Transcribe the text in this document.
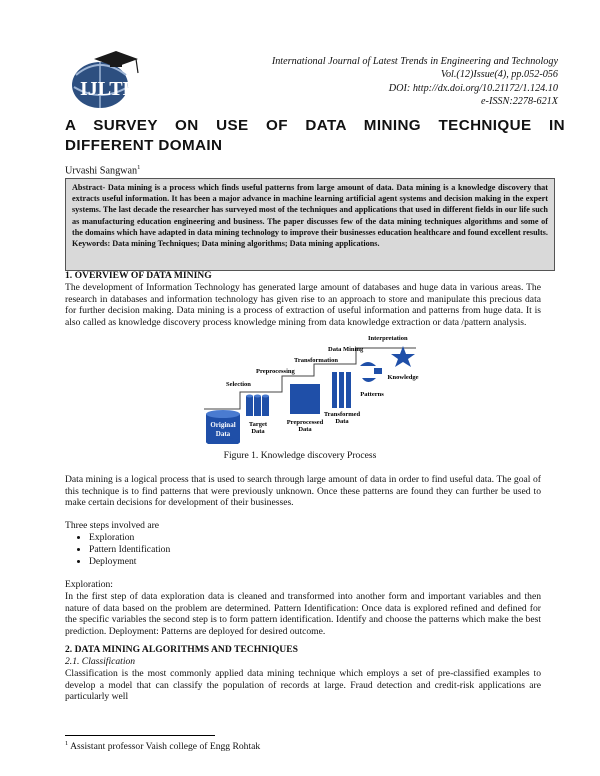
IJLTET
International Journal of Latest Trends in Engineering and Technology
Vol.(12)Issue(4), pp.052-056
DOI: http://dx.doi.org/10.21172/1.124.10
e-ISSN:2278-621X
A SURVEY ON USE OF DATA MINING TECHNIQUE IN
DIFFERENT DOMAIN
Urvashi Sangwan$^1$

Abstract- Data mining is a process which finds useful patterns from large amount of data. Data mining is a knowledge discovery that extracts useful information. It has been a major advance in machine learning artificial agent systems and decision making in the expert systems. The last decade the researcher has surveyed most of the techniques and applications that used in different fields in our life such as manufacturing education engineering and business. The paper discusses few of the data mining techniques algorithms and some of the domains which have adapted in data mining technology to improve their businesses education healthcare and found excellent results.

Keywords: Data mining Techniques; Data mining algorithms; Data mining applications.

1. OVERVIEW OF DATA MINING

The development of Information Technology has generated large amount of databases and huge data in various areas. The research in databases and information technology has given rise to an approach to store and manipulate this precious data for further decision making. Data mining is a process of extraction of useful information and patterns from huge data. It is also called as knowledge discovery process knowledge mining from data knowledge extraction or data /pattern analysis.

Original
Data
Target
Data
Preprocessed
Data
Transformed
Data
Patterns
Knowledge
Selection
Preprocessing
Transformation
Data Mining
Interpretation
Figure 1. Knowledge discovery Process

Data mining is a logical process that is used to search through large amount of data in order to find useful data. The goal of this technique is to find patterns that were previously unknown. Once these patterns are found they can further be used to make certain decisions for development of their businesses.

Three steps involved are

• Exploration
• Pattern Identification
• Deployment

Exploration:

In the first step of data exploration data is cleaned and transformed into another form and important variables and then nature of data based on the problem are determined. Pattern Identification: Once data is explored refined and defined for the specific variables the second step is to form pattern identification. Identify and choose the patterns which make the best prediction. Deployment: Patterns are deployed for desired outcome.

2. DATA MINING ALGORITHMS AND TECHNIQUES
2.1. Classification

Classification is the most commonly applied data mining technique which employs a set of pre-classified examples to develop a model that can classify the population of records at large. Fraud detection and credit-risk applications are particularly well

$^1$ Assistant professor Vaish college of Engg Rohtak
